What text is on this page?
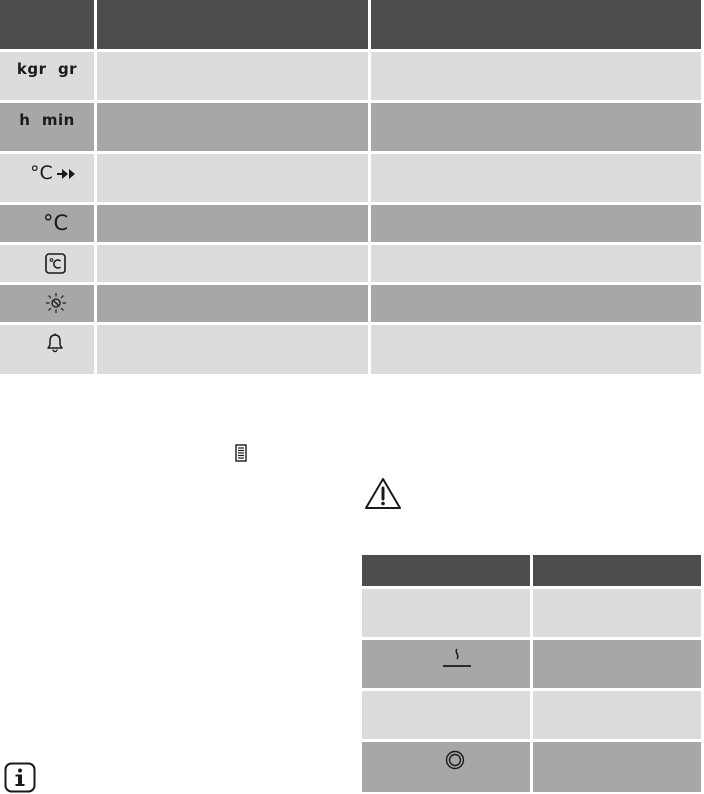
kgr  gr
h  min
°C
°C
